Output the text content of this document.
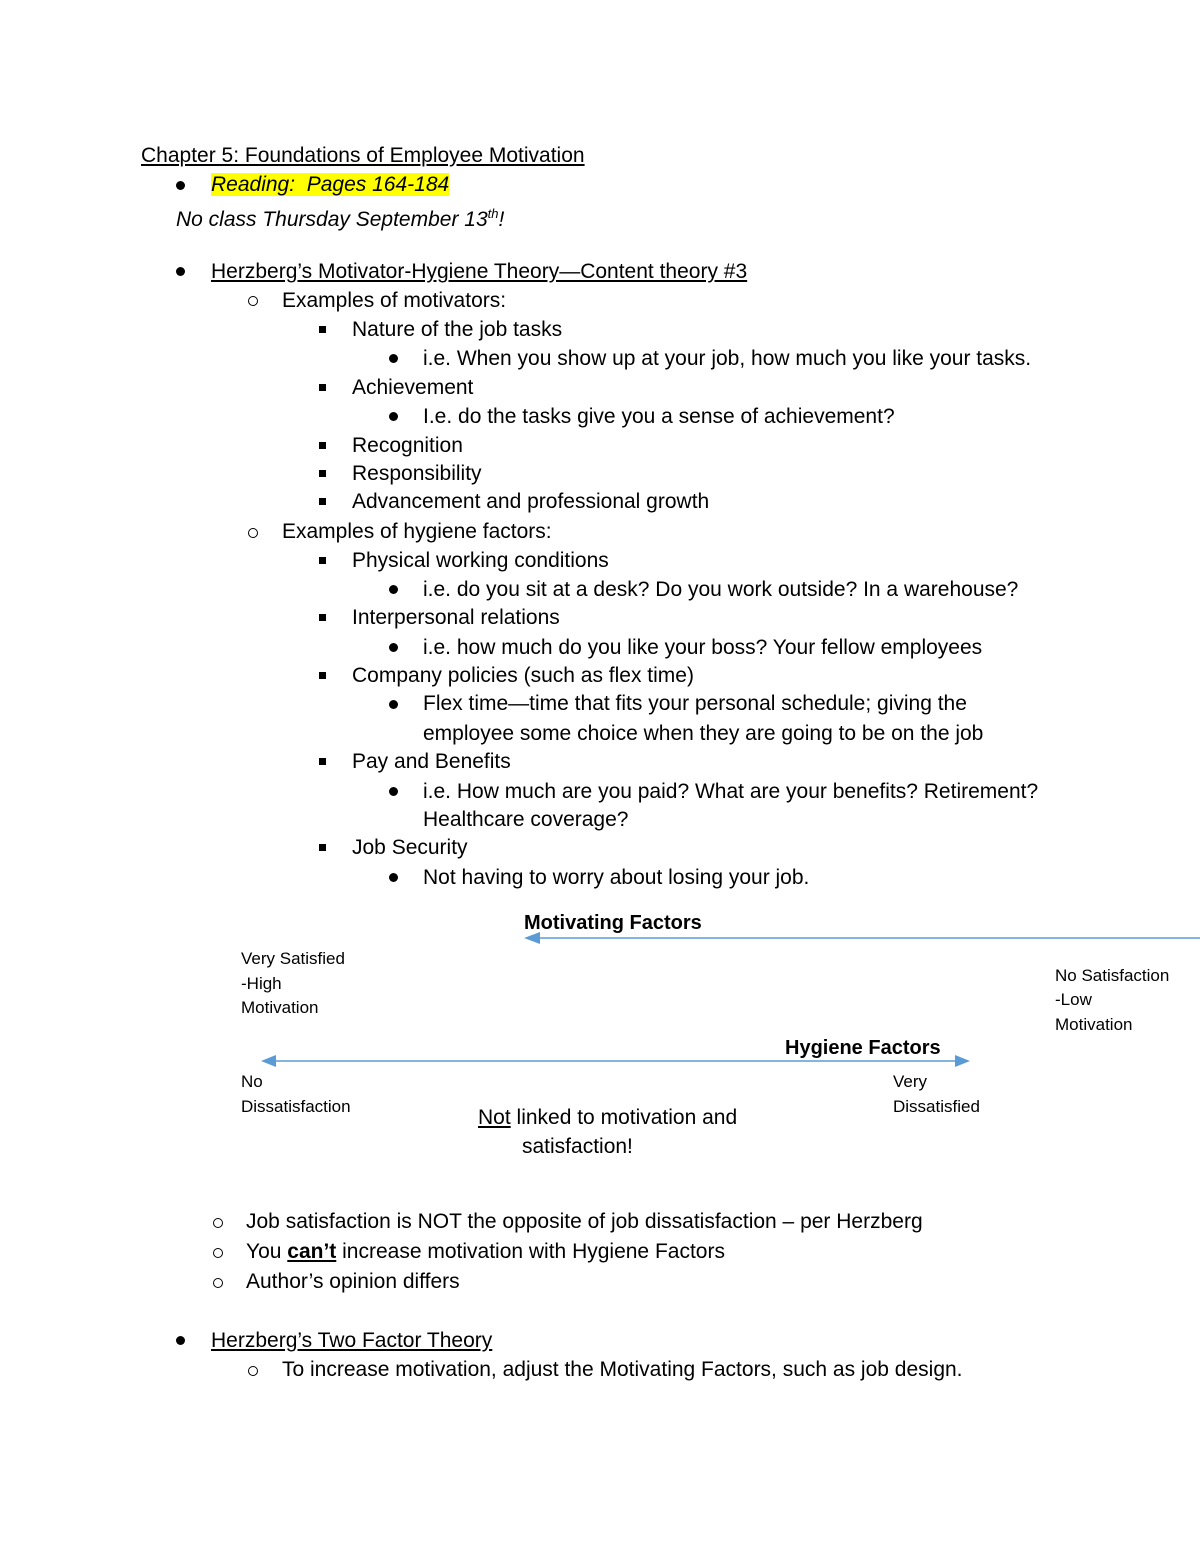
Chapter 5: Foundations of Employee Motivation
Reading: Pages 164-184
No class Thursday September 13th!
Herzberg’s Motivator-Hygiene Theory—Content theory #3
Examples of motivators:
Nature of the job tasks
i.e. When you show up at your job, how much you like your tasks.
Achievement
I.e. do the tasks give you a sense of achievement?
Recognition
Responsibility
Advancement and professional growth
Examples of hygiene factors:
Physical working conditions
i.e. do you sit at a desk? Do you work outside? In a warehouse?
Interpersonal relations
i.e. how much do you like your boss? Your fellow employees
Company policies (such as flex time)
Flex time—time that fits your personal schedule; giving the
employee some choice when they are going to be on the job
Pay and Benefits
i.e. How much are you paid? What are your benefits? Retirement?
Healthcare coverage?
Job Security
Not having to worry about losing your job.
Motivating Factors
Very Satisfied
-High
Motivation
No Satisfaction
-Low
Motivation
Hygiene Factors
No
Dissatisfaction
Very
Dissatisfied
Not linked to motivation and
satisfaction!
Job satisfaction is NOT the opposite of job dissatisfaction – per Herzberg
You can’t increase motivation with Hygiene Factors
Author’s opinion differs
Herzberg’s Two Factor Theory
To increase motivation, adjust the Motivating Factors, such as job design.
